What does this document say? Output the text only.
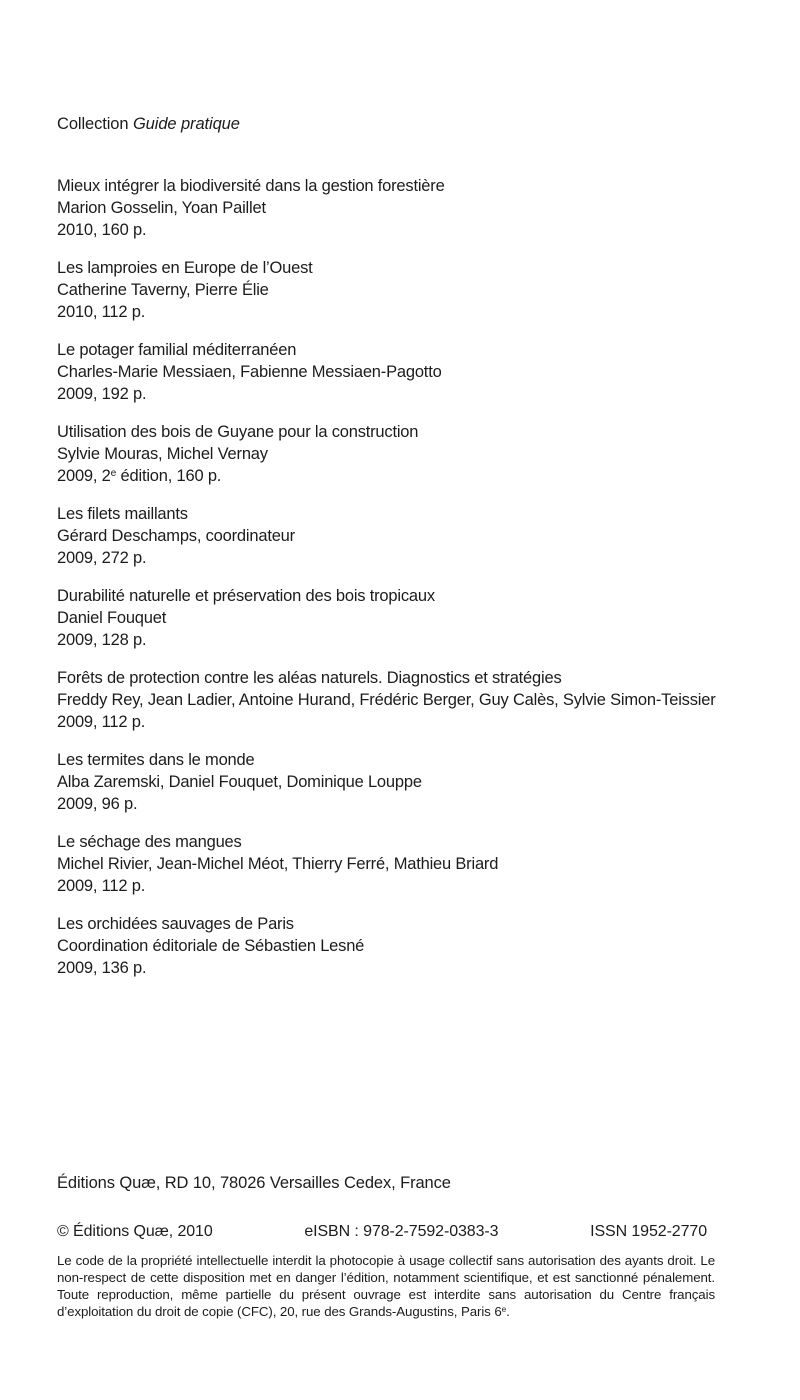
Collection Guide pratique
Mieux intégrer la biodiversité dans la gestion forestière
Marion Gosselin, Yoan Paillet
2010, 160 p.
Les lamproies en Europe de l’Ouest
Catherine Taverny, Pierre Élie
2010, 112 p.
Le potager familial méditerranéen
Charles-Marie Messiaen, Fabienne Messiaen-Pagotto
2009, 192 p.
Utilisation des bois de Guyane pour la construction
Sylvie Mouras, Michel Vernay
2009, 2e édition, 160 p.
Les filets maillants
Gérard Deschamps, coordinateur
2009, 272 p.
Durabilité naturelle et préservation des bois tropicaux
Daniel Fouquet
2009, 128 p.
Forêts de protection contre les aléas naturels. Diagnostics et stratégies
Freddy Rey, Jean Ladier, Antoine Hurand, Frédéric Berger, Guy Calès, Sylvie Simon-Teissier
2009, 112 p.
Les termites dans le monde
Alba Zaremski, Daniel Fouquet, Dominique Louppe
2009, 96 p.
Le séchage des mangues
Michel Rivier, Jean-Michel Méot, Thierry Ferré, Mathieu Briard
2009, 112 p.
Les orchidées sauvages de Paris
Coordination éditoriale de Sébastien Lesné
2009, 136 p.
Éditions Quæ, RD 10, 78026 Versailles Cedex, France
© Éditions Quæ, 2010	eISBN : 978-2-7592-0383-3	ISSN 1952-2770

Le code de la propriété intellectuelle interdit la photocopie à usage collectif sans autorisation des ayants droit. Le non-respect de cette disposition met en danger l’édition, notamment scientifique, et est sanctionné pénalement. Toute reproduction, même partielle du présent ouvrage est interdite sans autorisation du Centre français d’exploitation du droit de copie (CFC), 20, rue des Grands-Augustins, Paris 6e.
